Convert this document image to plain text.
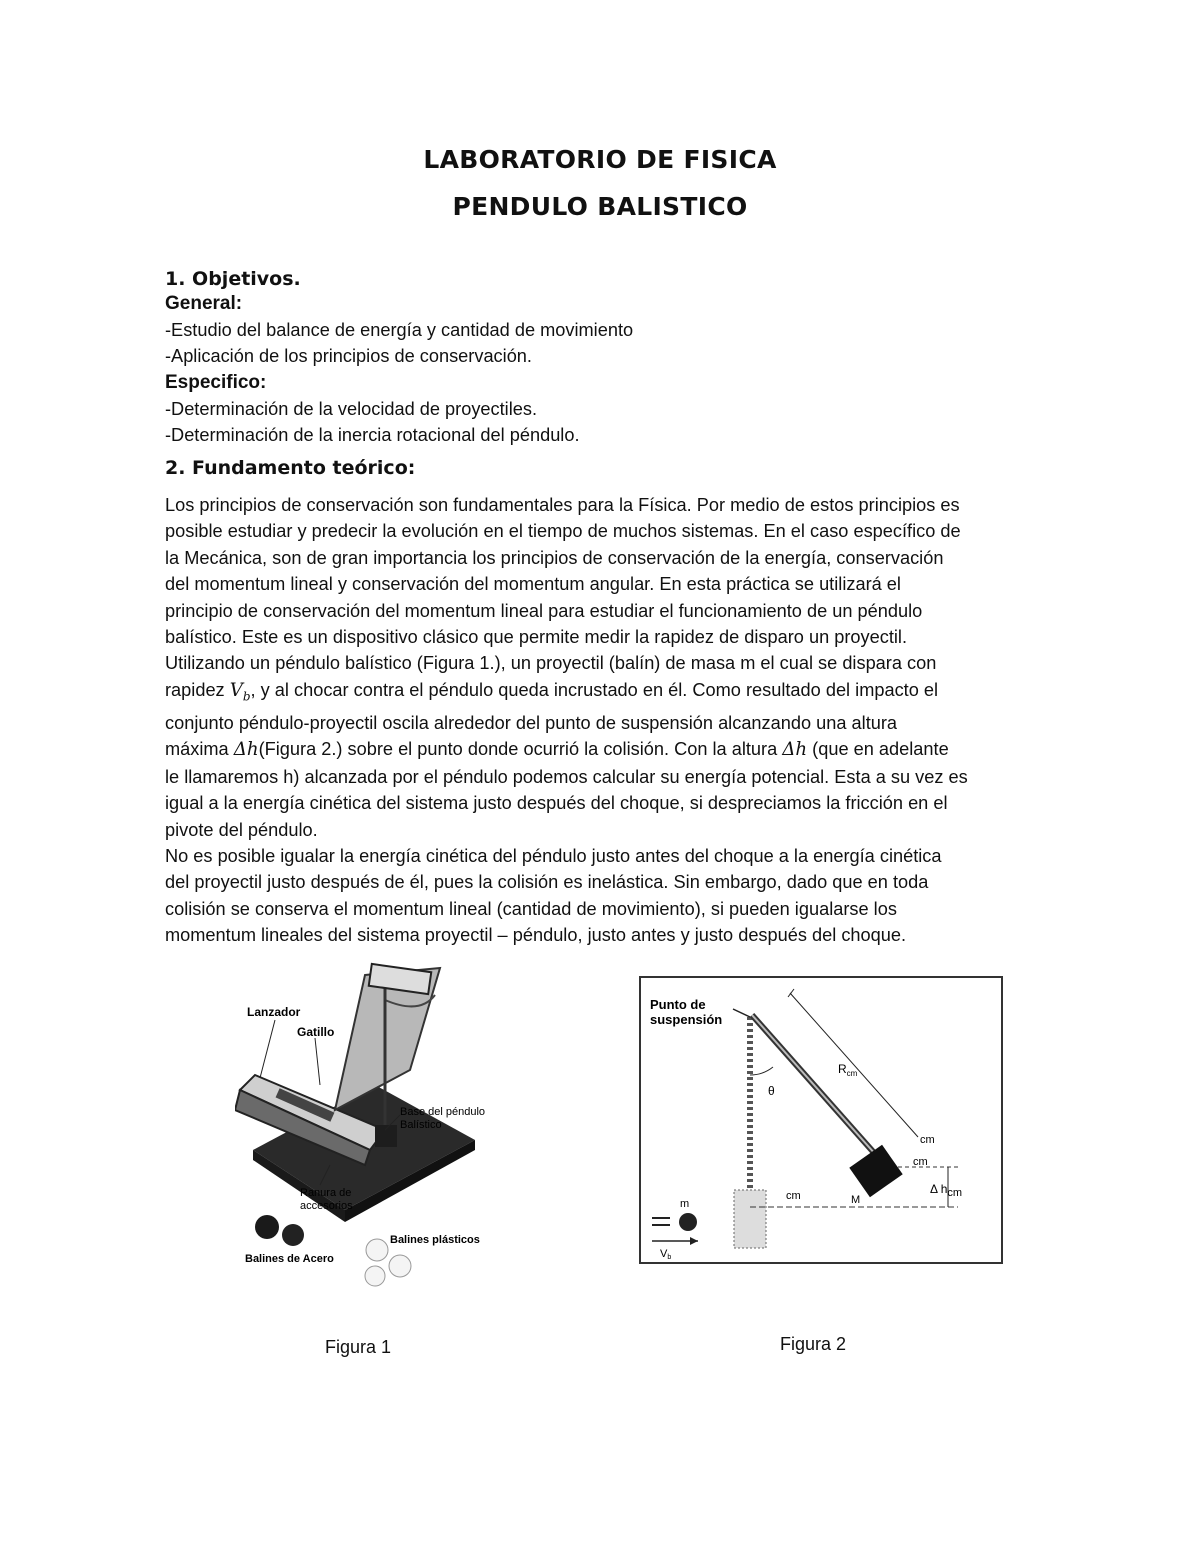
LABORATORIO DE FISICA
PENDULO BALISTICO
1. Objetivos.
General:
-Estudio del balance de energía y cantidad de movimiento
-Aplicación de los principios de conservación.
Especifico:
-Determinación de la velocidad de proyectiles.
-Determinación de la inercia rotacional del péndulo.
2. Fundamento teórico:

Los principios de conservación son fundamentales para la Física. Por medio de estos principios es

posible estudiar y predecir la evolución en el tiempo de muchos sistemas. En el caso específico de

la Mecánica, son de gran importancia los principios de conservación de la energía, conservación

del momentum lineal y conservación del momentum angular. En esta práctica se utilizará el

principio de conservación del momentum lineal para estudiar el funcionamiento de un péndulo

balístico. Este es un dispositivo clásico que permite medir la rapidez de disparo un proyectil.

Utilizando un péndulo balístico (Figura 1.), un proyectil (balín) de masa m el cual se dispara con

rapidez $V_b$, y al chocar contra el péndulo queda incrustado en él. Como resultado del impacto el

conjunto péndulo-proyectil oscila alrededor del punto de suspensión alcanzando una altura

máxima Δh(Figura 2.) sobre el punto donde ocurrió la colisión. Con la altura Δh (que en adelante

le llamaremos h) alcanzada por el péndulo podemos calcular su energía potencial. Esta a su vez es

igual a la energía cinética del sistema justo después del choque, si despreciamos la fricción en el

pivote del péndulo.

No es posible igualar la energía cinética del péndulo justo antes del choque a la energía cinética

del proyectil justo después de él, pues la colisión es inelástica. Sin embargo, dado que en toda

colisión se conserva el momentum lineal (cantidad de movimiento), si pueden igualarse los

momentum lineales del sistema proyectil – péndulo, justo antes y justo después del choque.

Lanzador
Gatillo
Base del péndulo
Balístico
Ranura de
accesorios
Balines de Acero
Balines plásticos
Figura 1
Punto de
suspensión
θ
$R_{cm}$
cm
cm
cm
m	M
Δ hcm
Vb
Figura 2
